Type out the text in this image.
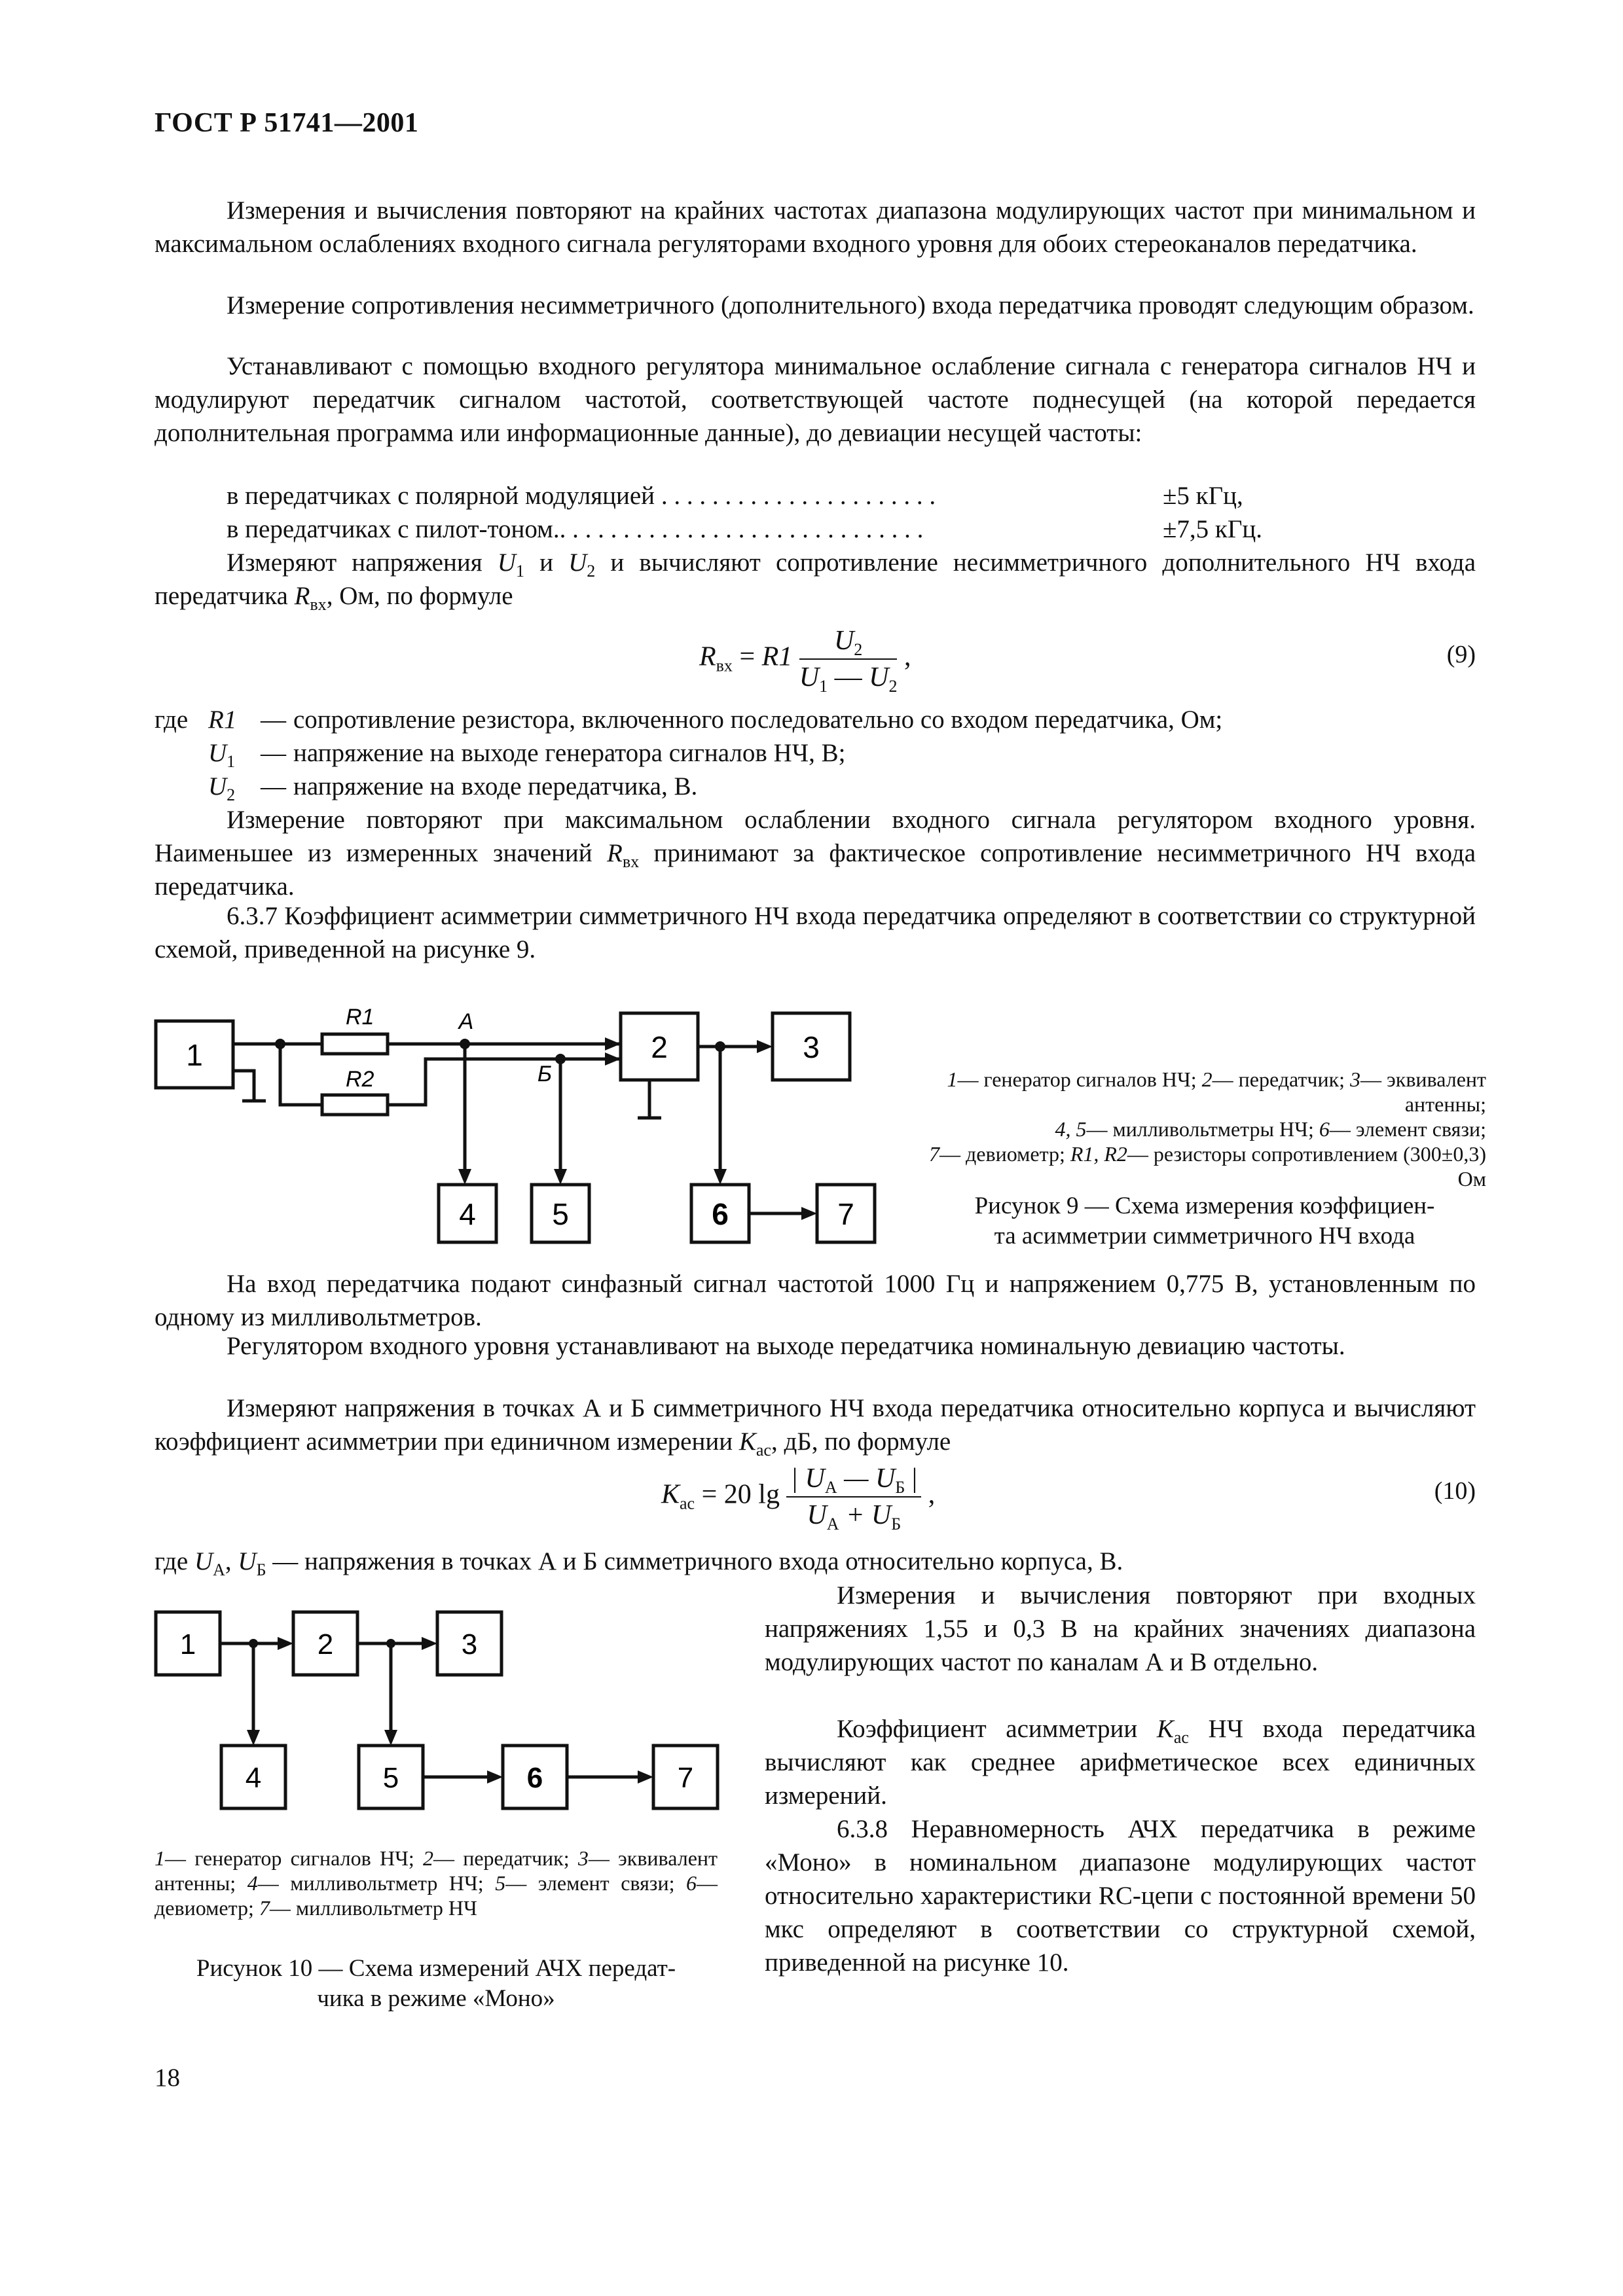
ГОСТ Р 51741—2001
Измерения и вычисления повторяют на крайних частотах диапазона модулирующих частот при минимальном и максимальном ослаблениях входного сигнала регуляторами входного уровня для обоих стереоканалов передатчика.
Измерение сопротивления несимметричного (дополнительного) входа передатчика проводят следующим образом.
Устанавливают с помощью входного регулятора минимальное ослабление сигнала с генератора сигналов НЧ и модулируют передатчик сигналом частотой, соответствующей частоте поднесущей (на которой передается дополнительная программа или информационные данные), до девиации несущей частоты:
в передатчиках с полярной модуляцией . . . . . . . . . . . . . . . . . . . . . .	±5 кГц,
в передатчиках с пилот-тоном.. . . . . . . . . . . . . . . . . . . . . . . . . . . . .	±7,5 кГц.
Измеряют напряжения $U_1$ и $U_2$ и вычисляют сопротивление несимметричного дополнительного НЧ входа передатчика $R_{вх}$, Ом, по формуле
$R_{вх} = R1 \frac{U_2}{U_1 — U_2}$ ,	(9)
где R1 — сопротивление резистора, включенного последовательно со входом передатчика, Ом;
$U_1$ — напряжение на выходе генератора сигналов НЧ, В;
$U_2$ — напряжение на входе передатчика, В.
Измерение повторяют при максимальном ослаблении входного сигнала регулятором входного уровня. Наименьшее из измеренных значений $R_{вх}$ принимают за фактическое сопротивление несимметричного НЧ входа передатчика.
6.3.7 Коэффициент асимметрии симметричного НЧ входа передатчика определяют в соответствии со структурной схемой, приведенной на рисунке 9.
1	2	3
4	5	6	7
R1
R2
A
Б	1— генератор сигналов НЧ; 2— передатчик; 3— эквивалент антенны;
4, 5— милливольтметры НЧ; 6— элемент связи;
7— девиометр; R1, R2— резисторы сопротивлением (300±0,3) Ом
Рисунок 9 — Схема измерения коэффициен-
та асимметрии симметричного НЧ входа
На вход передатчика подают синфазный сигнал частотой 1000 Гц и напряжением 0,775 В, установленным по одному из милливольтметров.
Регулятором входного уровня устанавливают на выходе передатчика номинальную девиацию частоты.
Измеряют напряжения в точках А и Б симметричного НЧ входа передатчика относительно корпуса и вычисляют коэффициент асимметрии при единичном измерении $K_{ас}$, дБ, по формуле
$K_{ас} = 20$ $\lg \frac{| U_А — U_Б |}{U_А + U_Б}$ ,	(10)
где $U_А$, $U_Б$ — напряжения в точках А и Б симметричного входа относительно корпуса, В.
1	2	3
4	5	6	7
1— генератор сигналов НЧ; 2— передатчик; 3— эквивалент антенны; 4— милливольтметр НЧ; 5— элемент связи; 6— девиометр; 7— милливольтметр НЧ
Рисунок 10 — Схема измерений АЧХ передат-
чика в режиме «Моно»
Измерения и вычисления повторяют при входных напряжениях 1,55 и 0,3 В на крайних значениях диапазона модулирующих частот по каналам А и В отдельно.
Коэффициент асимметрии $K_{ас}$ НЧ входа передатчика вычисляют как среднее арифметическое всех единичных измерений.
6.3.8 Неравномерность АЧХ передатчика в режиме «Моно» в номинальном диапазоне модулирующих частот относительно характеристики RC-цепи с постоянной времени 50 мкс определяют в соответствии со структурной схемой, приведенной на рисунке 10.
18
